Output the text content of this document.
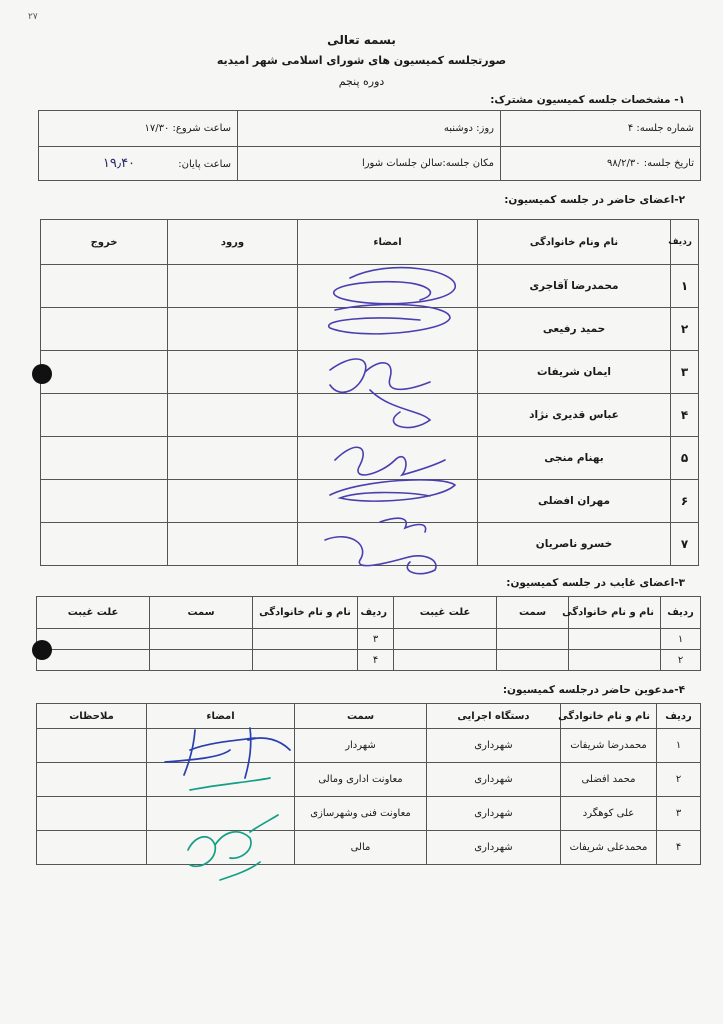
۲۷
بسمه تعالی
صورتجلسه کمیسیون های شورای اسلامی شهر امیدیه
دوره پنجم
۱- مشخصات جلسه کمیسیون مشترک:
شماره جلسه: ۴	روز: دوشنبه	ساعت شروع: ۱۷/۳۰
تاریخ جلسه: ۹۸/۲/۳۰	مکان جلسه:سالن جلسات شورا	ساعت پایان: ۱۹٫۴۰
۲-اعضای حاضر در جلسه کمیسیون:
ردیف	نام ونام خانوادگی	امضاء	ورود	خروج
۱	محمدرضا آقاجری			
۲	حمید رفیعی			
۳	ایمان شریفات			
۴	عباس قدیری نژاد			
۵	بهنام منجی			
۶	مهران افضلی			
۷	خسرو ناصریان			
۳-اعضای غایب در جلسه کمیسیون:
ردیف	نام و نام خانوادگی	سمت	علت غیبت	ردیف	نام و نام خانوادگی	سمت	علت غیبت
۱				۳			
۲				۴			
۴-مدعوین حاضر درجلسه کمیسیون:
ردیف	نام و نام خانوادگی	دستگاه اجرایی	سمت	امضاء	ملاحظات
۱	محمدرضا شریفات	شهرداری	شهردار		
۲	محمد افضلی	شهرداری	معاونت اداری ومالی		
۳	علی کوهگرد	شهرداری	معاونت فنی وشهرسازی		
۴	محمدعلی شریفات	شهرداری	مالی		
